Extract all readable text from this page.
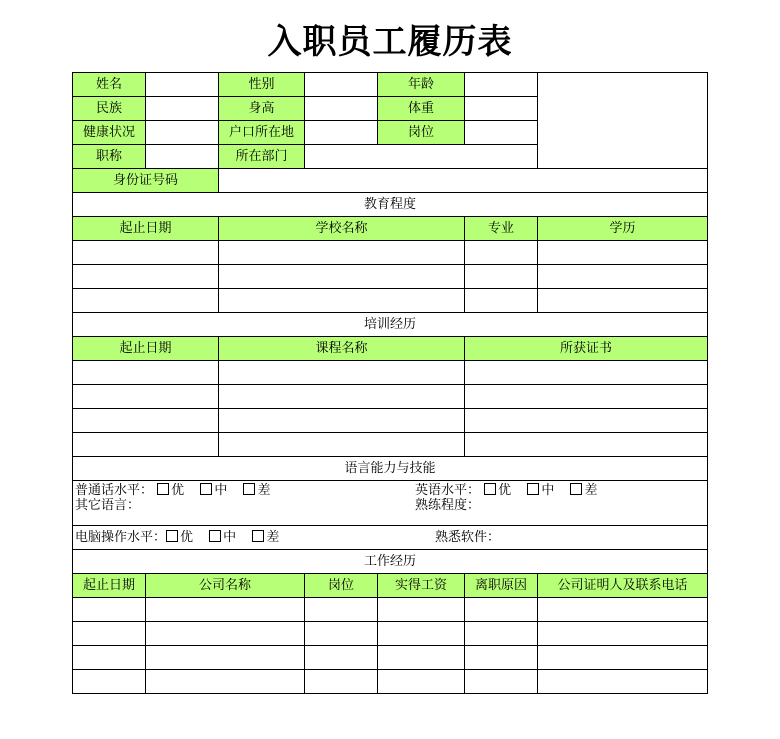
入职员工履历表
姓名		性别		年龄		
民族		身高		体重		
健康状况		户口所在地		岗位		
职称		所在部门				
身份证号码						
教育程度						
起止日期		学校名称			专业	学历

培训经历						
起止日期		课程名称			所获证书	

语言能力与技能						

普通话水平： 优 中 差
其它语言：
英语水平： 优 中 差
熟练程度：						

电脑操作水平： 优 中 差 熟悉软件：						

工作经历						
起止日期	公司名称		岗位	实得工资	离职原因	公司证明人及联系电话
